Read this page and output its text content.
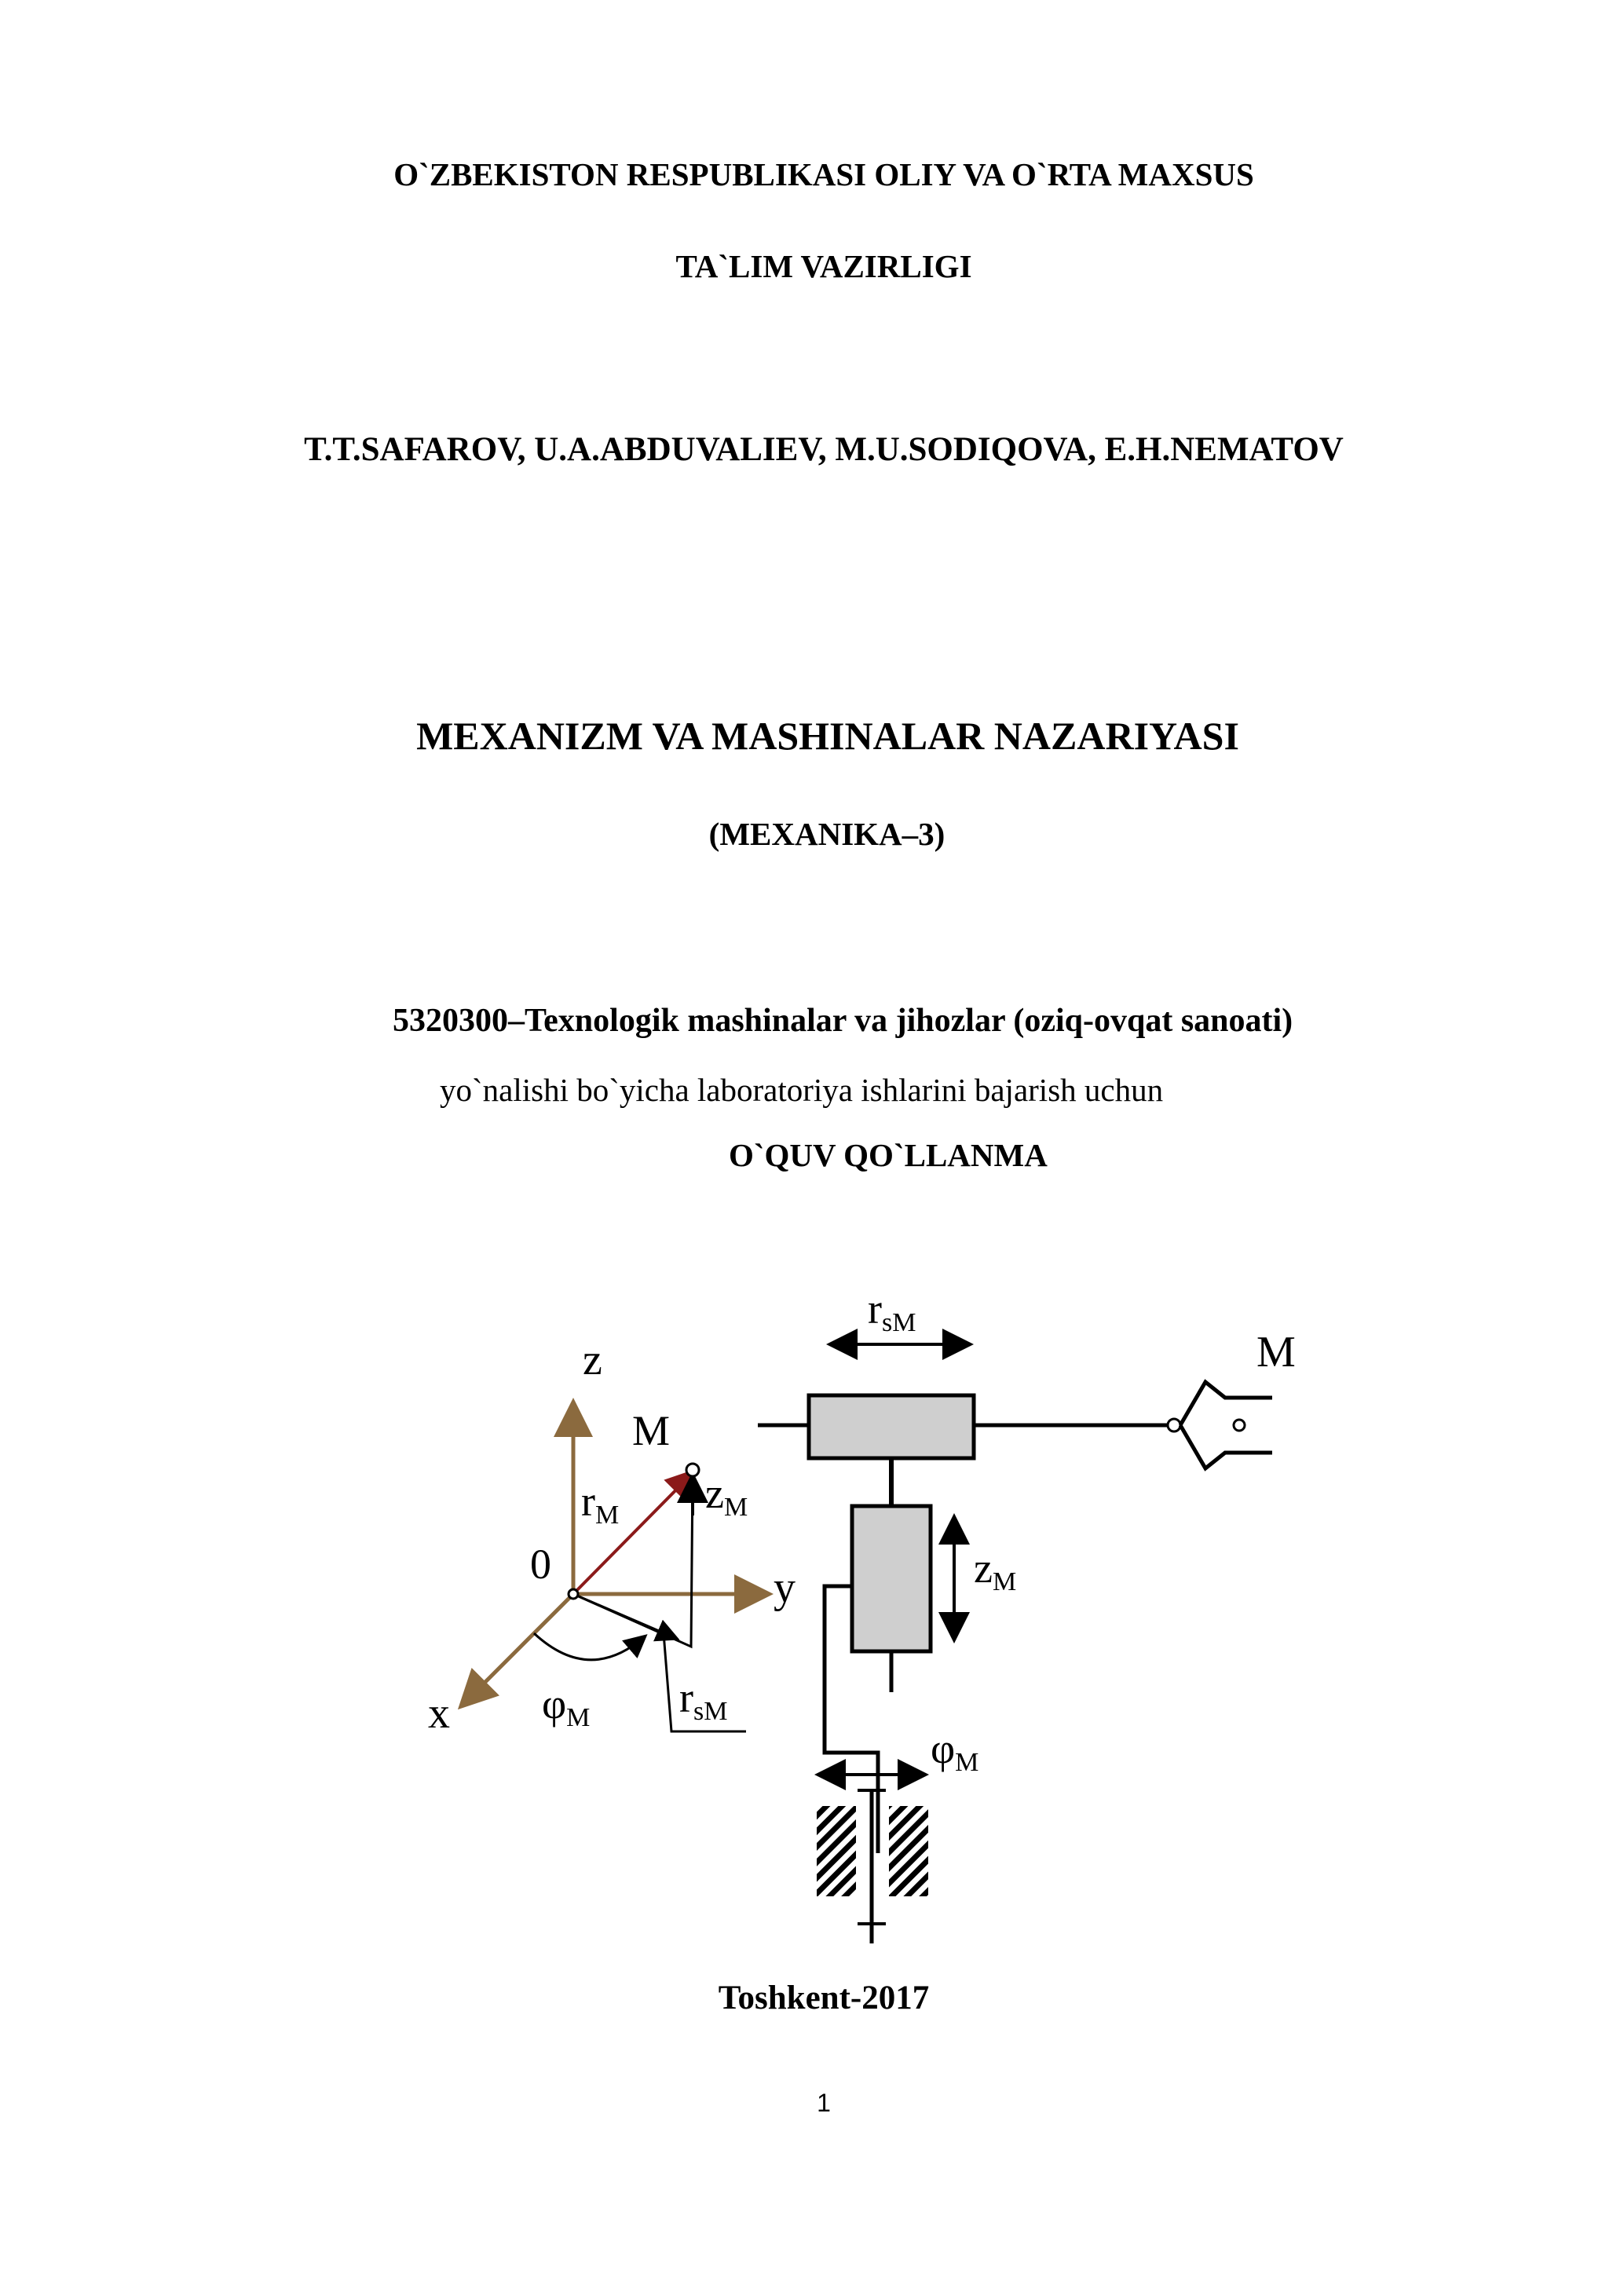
O`ZBEKISTON RESPUBLIKASI OLIY VA O`RTA MAXSUS
TA`LIM VAZIRLIGI
T.T.SAFAROV, U.A.ABDUVALIEV, M.U.SODIQOVA, E.H.NEMATOV
MEXANIZM VA MASHINALAR NAZARIYASI
(MEXANIKA–3)
5320300–Texnologik mashinalar va jihozlar (oziq-ovqat sanoati)
yo`nalishi bo`yicha laboratoriya ishlarini bajarish uchun
O`QUV QO`LLANMA
z
y
x
0
M
rM zM
φM rsM
rsM
zM
φM
M
Toshkent-2017
1
